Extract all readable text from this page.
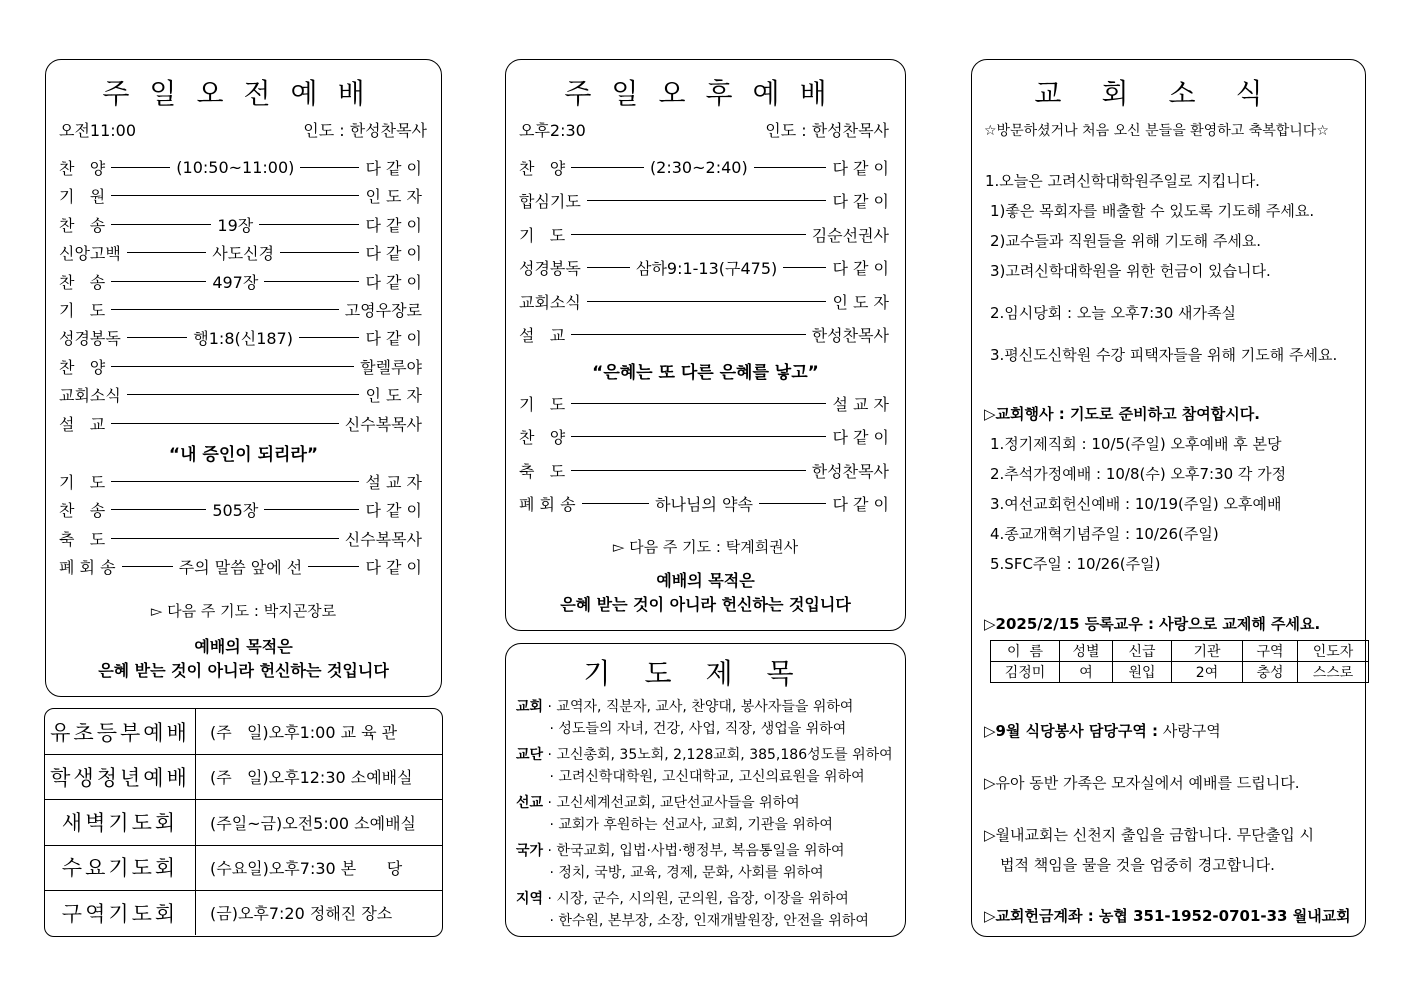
주일오전예배
오전11:00	인도 : 한성찬목사
찬   양	(10:50~11:00)	다 같 이
기   원	인 도 자
찬   송	19장	다 같 이
신앙고백	사도신경	다 같 이
찬   송	497장	다 같 이
기   도	고영우장로
성경봉독	행1:8(신187)	다 같 이
찬   양	할렐루야
교회소식	인 도 자
설   교	신수복목사
“내 증인이 되리라”
기   도	설 교 자
찬   송	505장	다 같 이
축   도	신수복목사
폐 회 송	주의 말씀 앞에 선	다 같 이
▻ 다음 주 기도 : 박지곤장로
예배의 목적은
은혜 받는 것이 아니라 헌신하는 것입니다
유초등부예배	(주   일)오후1:00 교 육 관
학생청년예배	(주   일)오후12:30 소예배실
새벽기도회	(주일~금)오전5:00 소예배실
수요기도회	(수요일)오후7:30 본      당
구역기도회	(금)오후7:20 정해진 장소
주일오후예배
오후2:30	인도 : 한성찬목사
찬   양	(2:30~2:40)	다 같 이
합심기도	다 같 이
기   도	김순선권사
성경봉독	삼하9:1-13(구475)	다 같 이
교회소식	인 도 자
설   교	한성찬목사
“은혜는 또 다른 은혜를 낳고”
기   도	설 교 자
찬   양	다 같 이
축   도	한성찬목사
폐 회 송	하나님의 약속	다 같 이
▻ 다음 주 기도 : 탁계희권사
예배의 목적은
은혜 받는 것이 아니라 헌신하는 것입니다
기도제목
교회 · 교역자, 직분자, 교사, 찬양대, 봉사자들을 위하여
· 성도들의 자녀, 건강, 사업, 직장, 생업을 위하여
교단 · 고신총회, 35노회, 2,128교회, 385,186성도를 위하여
· 고려신학대학원, 고신대학교, 고신의료원을 위하여
선교 · 고신세계선교회, 교단선교사들을 위하여
· 교회가 후원하는 선교사, 교회, 기관을 위하여
국가 · 한국교회, 입법·사법·행정부, 복음통일을 위하여
· 정치, 국방, 교육, 경제, 문화, 사회를 위하여
지역 · 시장, 군수, 시의원, 군의원, 읍장, 이장을 위하여
· 한수원, 본부장, 소장, 인재개발원장, 안전을 위하여
교회소식
☆방문하셨거나 처음 오신 분들을 환영하고 축복합니다☆
1.오늘은 고려신학대학원주일로 지킵니다.
1)좋은 목회자를 배출할 수 있도록 기도해 주세요.
2)교수들과 직원들을 위해 기도해 주세요.
3)고려신학대학원을 위한 헌금이 있습니다.
2.임시당회 : 오늘 오후7:30 새가족실
3.평신도신학원 수강 피택자들을 위해 기도해 주세요.
▷교회행사 : 기도로 준비하고 참여합시다.
1.정기제직회 : 10/5(주일) 오후예배 후 본당
2.추석가정예배 : 10/8(수) 오후7:30 각 가정
3.여선교회헌신예배 : 10/19(주일) 오후예배
4.종교개혁기념주일 : 10/26(주일)
5.SFC주일 : 10/26(주일)
▷2025/2/15 등록교우 : 사랑으로 교제해 주세요.
▷9월 식당봉사 담당구역 : 사랑구역
▷유아 동반 가족은 모자실에서 예배를 드립니다.
▷월내교회는 신천지 출입을 금합니다. 무단출입 시
법적 책임을 물을 것을 엄중히 경고합니다.
▷교회헌금계좌 : 농협 351-1952-0701-33 월내교회
이  름	성별	신급	기관	구역	인도자
김정미	여	원입	2여	충성	스스로
